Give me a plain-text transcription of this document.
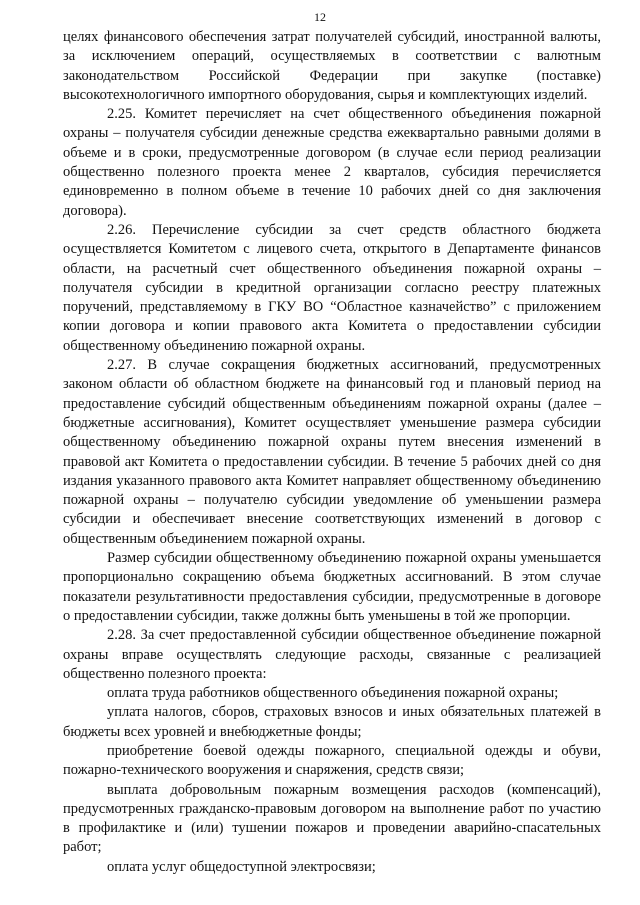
12

целях финансового обеспечения затрат получателей субсидий, иностранной валюты, за исключением операций, осуществляемых в соответствии с валютным законодательством Российской Федерации при закупке (поставке) высокотехнологичного импортного оборудования, сырья и комплектующих изделий.

2.25. Комитет перечисляет на счет общественного объединения пожарной охраны – получателя субсидии денежные средства ежеквартально равными долями в объеме и в сроки, предусмотренные договором (в случае если период реализации общественно полезного проекта менее 2 кварталов, субсидия перечисляется единовременно в полном объеме в течение 10 рабочих дней со дня заключения договора).

2.26. Перечисление субсидии за счет средств областного бюджета осуществляется Комитетом с лицевого счета, открытого в Департаменте финансов области, на расчетный счет общественного объединения пожарной охраны – получателя субсидии в кредитной организации согласно реестру платежных поручений, представляемому в ГКУ ВО “Областное казначейство” с приложением копии договора и копии правового акта Комитета о предоставлении субсидии общественному объединению пожарной охраны.

2.27. В случае сокращения бюджетных ассигнований, предусмотренных законом области об областном бюджете на финансовый год и плановый период на предоставление субсидий общественным объединениям пожарной охраны (далее – бюджетные ассигнования), Комитет осуществляет уменьшение размера субсидии общественному объединению пожарной охраны путем внесения изменений в правовой акт Комитета о предоставлении субсидии. В течение 5 рабочих дней со дня издания указанного правового акта Комитет направляет общественному объединению пожарной охраны – получателю субсидии уведомление об уменьшении размера субсидии и обеспечивает внесение соответствующих изменений в договор с общественным объединением пожарной охраны.

Размер субсидии общественному объединению пожарной охраны уменьшается пропорционально сокращению объема бюджетных ассигнований. В этом случае показатели результативности предоставления субсидии, предусмотренные в договоре о предоставлении субсидии, также должны быть уменьшены в той же пропорции.

2.28. За счет предоставленной субсидии общественное объединение пожарной охраны вправе осуществлять следующие расходы, связанные с реализацией общественно полезного проекта:

оплата труда работников общественного объединения пожарной охраны;

уплата налогов, сборов, страховых взносов и иных обязательных платежей в бюджеты всех уровней и внебюджетные фонды;

приобретение боевой одежды пожарного, специальной одежды и обуви, пожарно-технического вооружения и снаряжения, средств связи;

выплата добровольным пожарным возмещения расходов (компенсаций), предусмотренных гражданско-правовым договором на выполнение работ по участию в профилактике и (или) тушении пожаров и проведении аварийно-спасательных работ;

оплата услуг общедоступной электросвязи;
